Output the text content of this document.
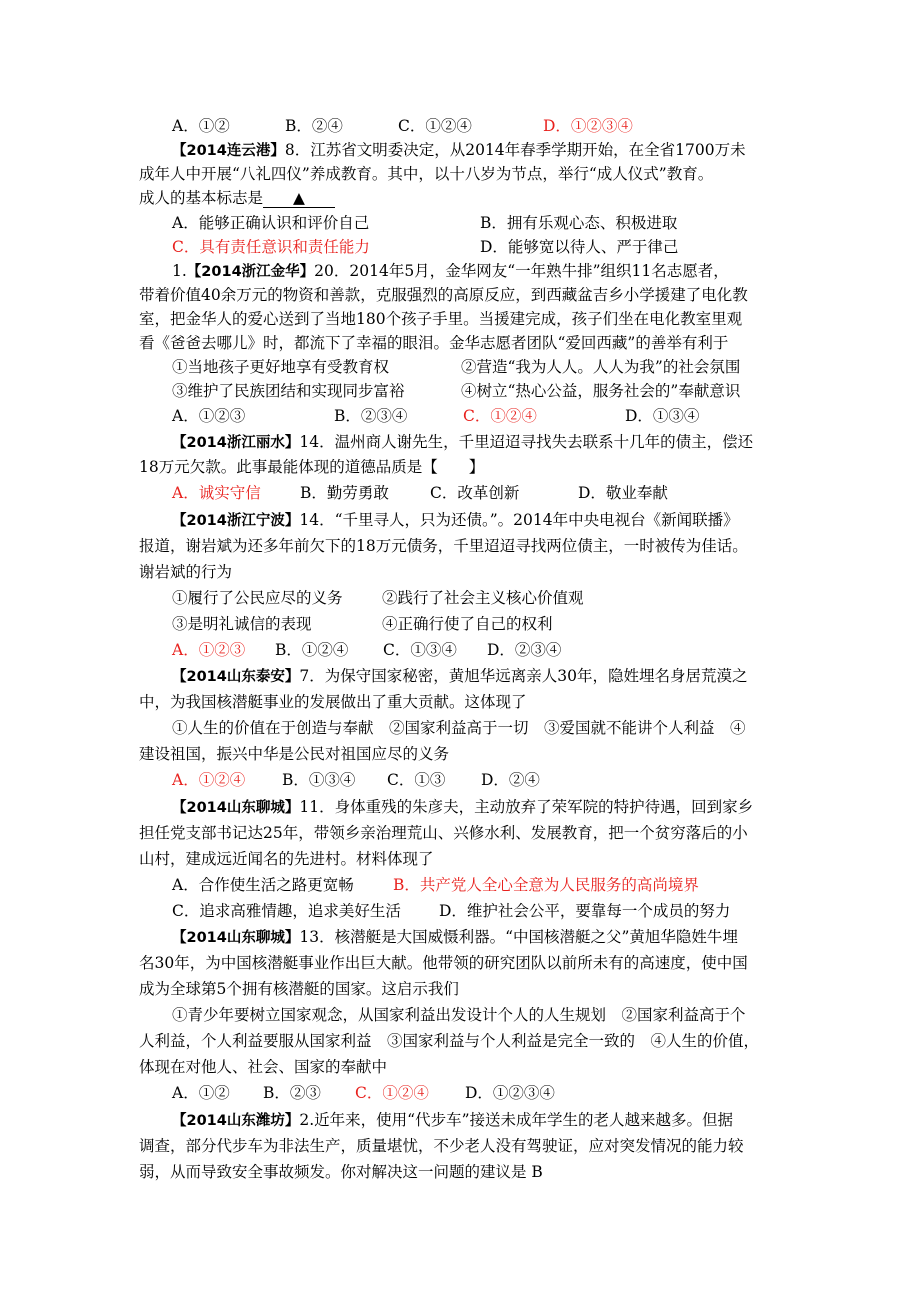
A．①②	B．②④	C．①②④	D．①②③④
【2014连云港】8．江苏省文明委决定，从2014年春季学期开始，在全省1700万未
成年人中开展“八礼四仪”养成教育。其中，以十八岁为节点，举行“成人仪式”教育。
成人的基本标志是 ▲
A．能够正确认识和评价自己	B．拥有乐观心态、积极进取
C．具有责任意识和责任能力	D．能够宽以待人、严于律己
1.【2014浙江金华】20．2014年5月，金华网友“一年熟牛排”组织11名志愿者，
带着价值40余万元的物资和善款，克服强烈的高原反应，到西藏盆吉乡小学援建了电化教
室，把金华人的爱心送到了当地180个孩子手里。当援建完成，孩子们坐在电化教室里观
看《爸爸去哪儿》时，都流下了幸福的眼泪。金华志愿者团队“爱回西藏”的善举有利于
①当地孩子更好地享有受教育权	②营造“我为人人。人人为我”的社会氛围
③维护了民族团结和实现同步富裕	④树立“热心公益，服务社会的”奉献意识
A．①②③	B．②③④	C．①②④	D．①③④
【2014浙江丽水】14．温州商人谢先生，千里迢迢寻找失去联系十几年的债主，偿还
18万元欠款。此事最能体现的道德品质是【　　】
A．诚实守信	B．勤劳勇敢	C．改革创新	D．敬业奉献
【2014浙江宁波】14．“千里寻人，只为还债。”。2014年中央电视台《新闻联播》
报道，谢岩斌为还多年前欠下的18万元债务，千里迢迢寻找两位债主，一时被传为佳话。
谢岩斌的行为
①履行了公民应尽的义务	②践行了社会主义核心价值观
③是明礼诚信的表现	④正确行使了自己的权利
A．①②③ B．①②④ C．①③④ D．②③④
【2014山东泰安】7．为保守国家秘密，黄旭华远离亲人30年，隐姓埋名身居荒漠之
中，为我国核潜艇事业的发展做出了重大贡献。这体现了
①人生的价值在于创造与奉献　②国家利益高于一切　③爱国就不能讲个人利益　④
建设祖国，振兴中华是公民对祖国应尽的义务
A．①②④ B．①③④ C．①③ D．②④
【2014山东聊城】11．身体重残的朱彦夫，主动放弃了荣军院的特护待遇，回到家乡
担任党支部书记达25年，带领乡亲治理荒山、兴修水利、发展教育，把一个贫穷落后的小
山村，建成远近闻名的先进村。材料体现了
A．合作使生活之路更宽畅	B．共产党人全心全意为人民服务的高尚境界
C．追求高雅情趣，追求美好生活 D．维护社会公平，要靠每一个成员的努力
【2014山东聊城】13．核潜艇是大国威慑利器。“中国核潜艇之父”黄旭华隐姓牛埋
名30年，为中国核潜艇事业作出巨大献。他带领的研究团队以前所未有的高速度，使中国
成为全球第5个拥有核潜艇的国家。这启示我们
①青少年要树立国家观念，从国家利益出发设计个人的人生规划　②国家利益高于个
人利益，个人利益要服从国家利益　③国家利益与个人利益是完全一致的　④人生的价值，
体现在对他人、社会、国家的奉献中
A．①② B．②③ C．①②④ D．①②③④
【2014山东潍坊】2.近年来，使用“代步车”接送未成年学生的老人越来越多。但据
调查，部分代步车为非法生产，质量堪忧，不少老人没有驾驶证，应对突发情况的能力较
弱，从而导致安全事故频发。你对解决这一问题的建议是 B
